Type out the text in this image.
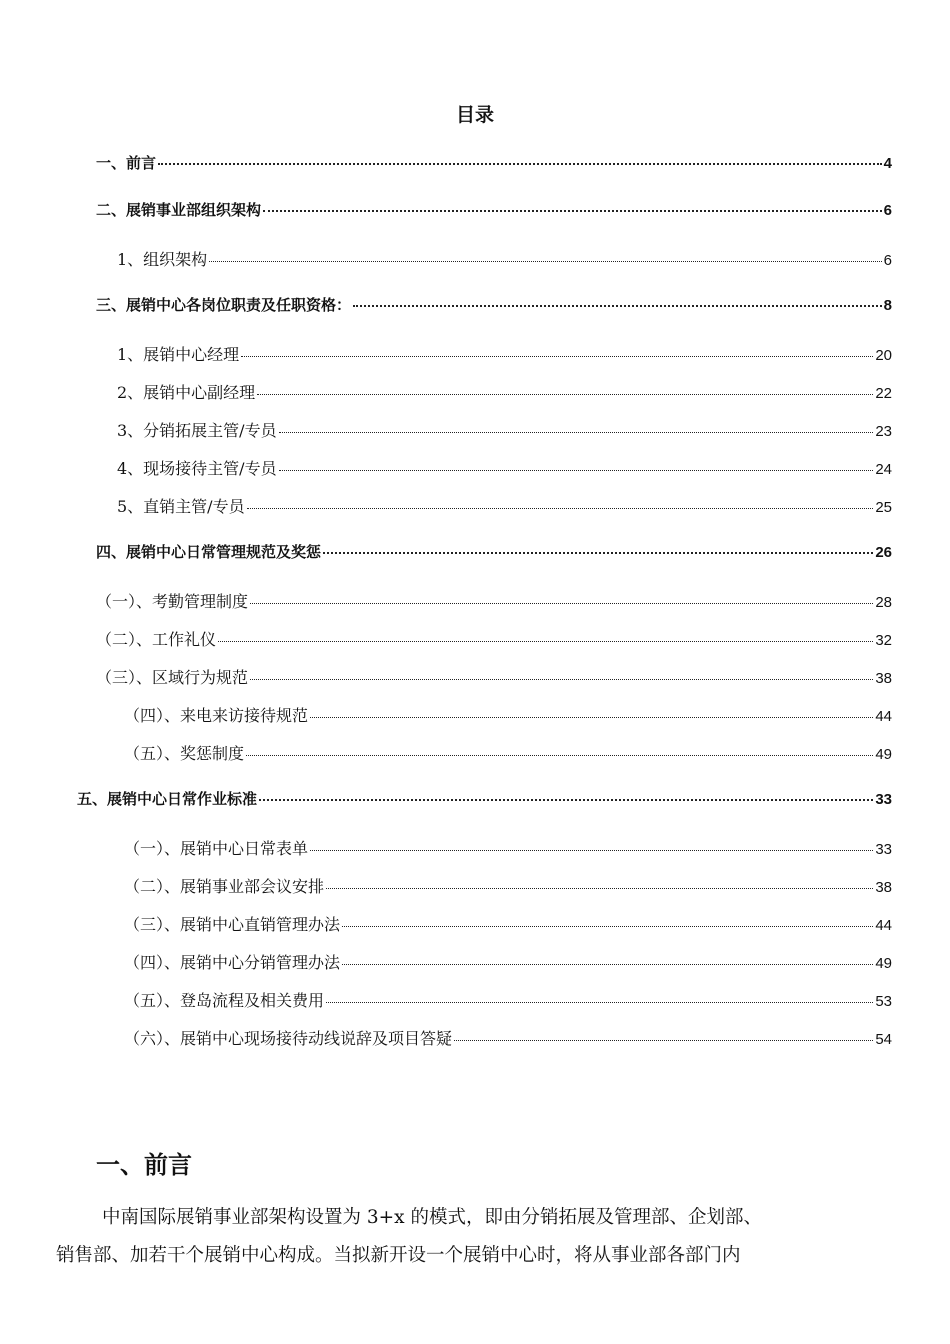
目录
一、前言	4
二、展销事业部组织架构	6
1、组织架构	6
三、展销中心各岗位职责及任职资格：	8
1、展销中心经理	20
2、展销中心副经理	22
3、分销拓展主管/专员	23
4、现场接待主管/专员	24
5、直销主管/专员	25
四、展销中心日常管理规范及奖惩	26
（一）、考勤管理制度	28
（二）、工作礼仪	32
（三）、区域行为规范	38
（四）、来电来访接待规范	44
（五）、奖惩制度	49
五、展销中心日常作业标准	33
（一）、展销中心日常表单	33
（二）、展销事业部会议安排	38
（三）、展销中心直销管理办法	44
（四）、展销中心分销管理办法	49
（五）、登岛流程及相关费用	53
（六）、展销中心现场接待动线说辞及项目答疑	54
一、前言
中南国际展销事业部架构设置为 3+x 的模式，即由分销拓展及管理部、企划部、
销售部、加若干个展销中心构成。当拟新开设一个展销中心时，将从事业部各部门内
